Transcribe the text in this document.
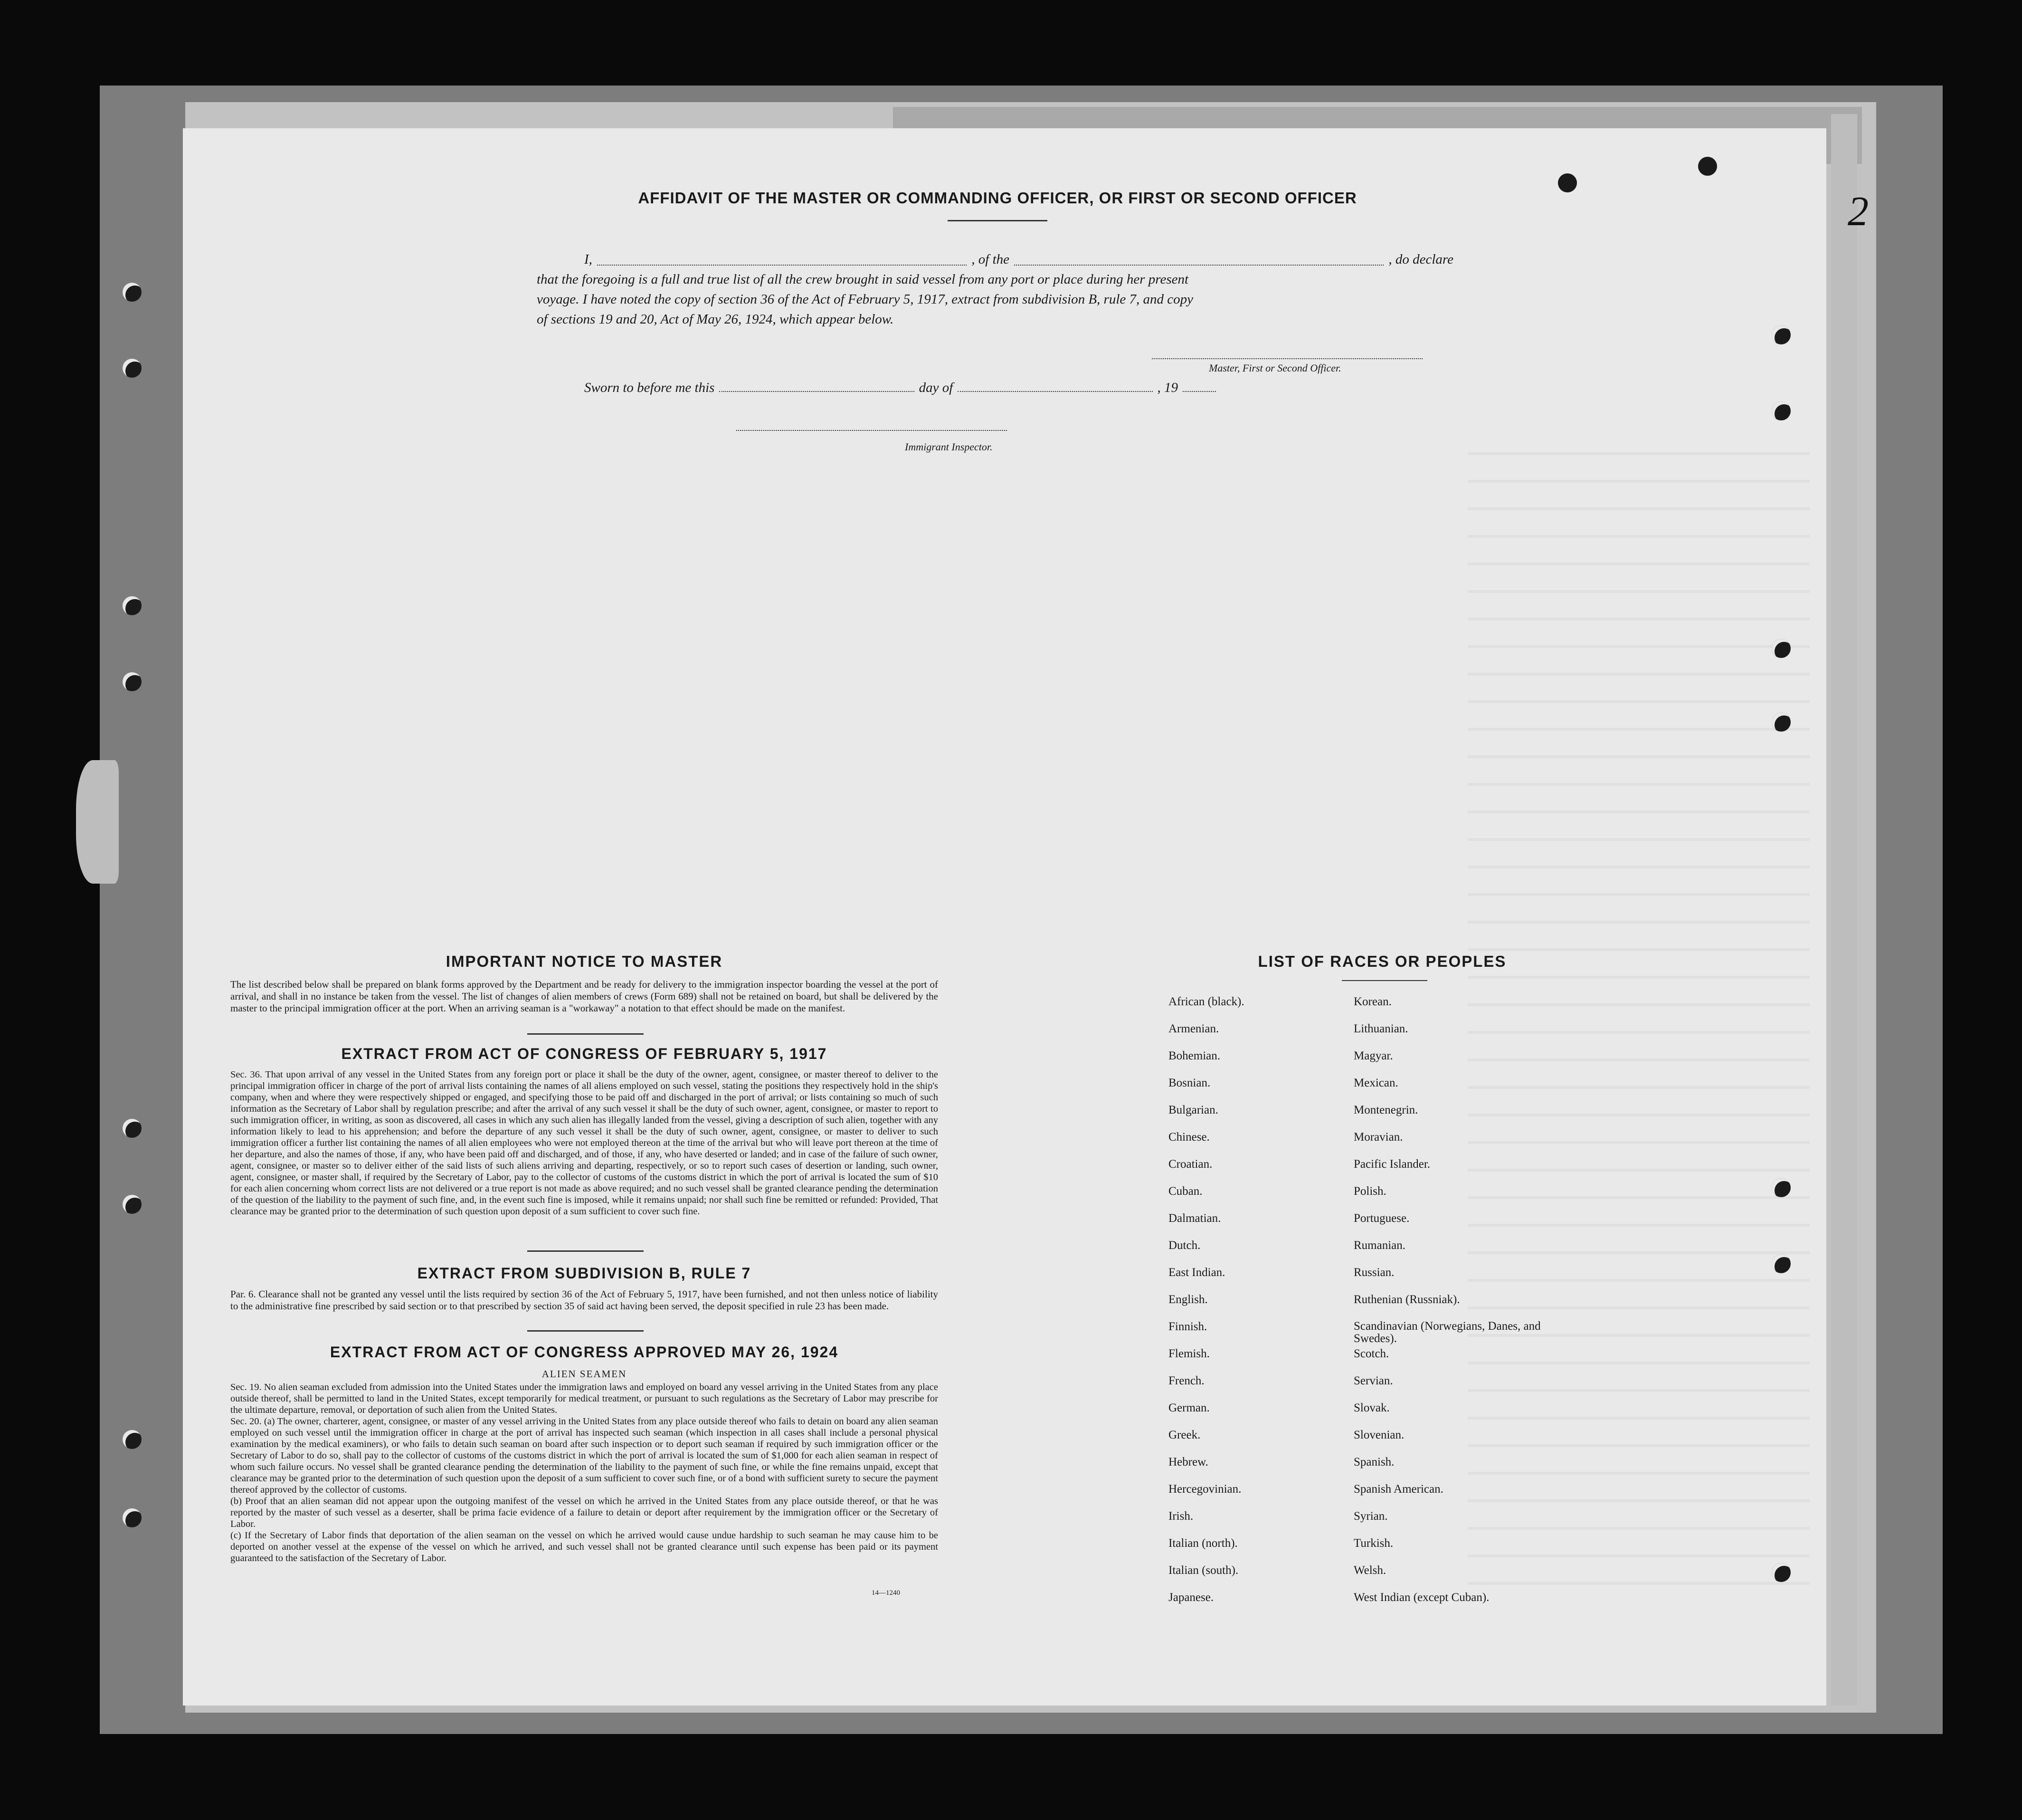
2
AFFIDAVIT OF THE MASTER OR COMMANDING OFFICER, OR FIRST OR SECOND OFFICER
I,	, of the	, do declare
that the foregoing is a full and true list of all the crew brought in said vessel from any port or place during her present
voyage. I have noted the copy of section 36 of the Act of February 5, 1917, extract from subdivision B, rule 7, and copy
of sections 19 and 20, Act of May 26, 1924, which appear below.
Master, First or Second Officer.
Sworn to before me this	day of	, 19
Immigrant Inspector.
IMPORTANT NOTICE TO MASTER
The list described below shall be prepared on blank forms approved by the Department and be ready for delivery to the immigration inspector boarding the vessel at the port of arrival, and shall in no instance be taken from the vessel. The list of changes of alien members of crews (Form 689) shall not be retained on board, but shall be delivered by the master to the principal immigration officer at the port. When an arriving seaman is a "workaway" a notation to that effect should be made on the manifest.
EXTRACT FROM ACT OF CONGRESS OF FEBRUARY 5, 1917
Sec. 36. That upon arrival of any vessel in the United States from any foreign port or place it shall be the duty of the owner, agent, consignee, or master thereof to deliver to the principal immigration officer in charge of the port of arrival lists containing the names of all aliens employed on such vessel, stating the positions they respectively hold in the ship's company, when and where they were respectively shipped or engaged, and specifying those to be paid off and discharged in the port of arrival; or lists containing so much of such information as the Secretary of Labor shall by regulation prescribe; and after the arrival of any such vessel it shall be the duty of such owner, agent, consignee, or master to report to such immigration officer, in writing, as soon as discovered, all cases in which any such alien has illegally landed from the vessel, giving a description of such alien, together with any information likely to lead to his apprehension; and before the departure of any such vessel it shall be the duty of such owner, agent, consignee, or master to deliver to such immigration officer a further list containing the names of all alien employees who were not employed thereon at the time of the arrival but who will leave port thereon at the time of her departure, and also the names of those, if any, who have been paid off and discharged, and of those, if any, who have deserted or landed; and in case of the failure of such owner, agent, consignee, or master so to deliver either of the said lists of such aliens arriving and departing, respectively, or so to report such cases of desertion or landing, such owner, agent, consignee, or master shall, if required by the Secretary of Labor, pay to the collector of customs of the customs district in which the port of arrival is located the sum of $10 for each alien concerning whom correct lists are not delivered or a true report is not made as above required; and no such vessel shall be granted clearance pending the determination of the question of the liability to the payment of such fine, and, in the event such fine is imposed, while it remains unpaid; nor shall such fine be remitted or refunded: Provided, That clearance may be granted prior to the determination of such question upon deposit of a sum sufficient to cover such fine.
EXTRACT FROM SUBDIVISION B, RULE 7
Par. 6. Clearance shall not be granted any vessel until the lists required by section 36 of the Act of February 5, 1917, have been furnished, and not then unless notice of liability to the administrative fine prescribed by said section or to that prescribed by section 35 of said act having been served, the deposit specified in rule 23 has been made.
EXTRACT FROM ACT OF CONGRESS APPROVED MAY 26, 1924
ALIEN SEAMEN
Sec. 19. No alien seaman excluded from admission into the United States under the immigration laws and employed on board any vessel arriving in the United States from any place outside thereof, shall be permitted to land in the United States, except temporarily for medical treatment, or pursuant to such regulations as the Secretary of Labor may prescribe for the ultimate departure, removal, or deportation of such alien from the United States.
Sec. 20. (a) The owner, charterer, agent, consignee, or master of any vessel arriving in the United States from any place outside thereof who fails to detain on board any alien seaman employed on such vessel until the immigration officer in charge at the port of arrival has inspected such seaman (which inspection in all cases shall include a personal physical examination by the medical examiners), or who fails to detain such seaman on board after such inspection or to deport such seaman if required by such immigration officer or the Secretary of Labor to do so, shall pay to the collector of customs of the customs district in which the port of arrival is located the sum of $1,000 for each alien seaman in respect of whom such failure occurs. No vessel shall be granted clearance pending the determination of the liability to the payment of such fine, or while the fine remains unpaid, except that clearance may be granted prior to the determination of such question upon the deposit of a sum sufficient to cover such fine, or of a bond with sufficient surety to secure the payment thereof approved by the collector of customs.
(b) Proof that an alien seaman did not appear upon the outgoing manifest of the vessel on which he arrived in the United States from any place outside thereof, or that he was reported by the master of such vessel as a deserter, shall be prima facie evidence of a failure to detain or deport after requirement by the immigration officer or the Secretary of Labor.
(c) If the Secretary of Labor finds that deportation of the alien seaman on the vessel on which he arrived would cause undue hardship to such seaman he may cause him to be deported on another vessel at the expense of the vessel on which he arrived, and such vessel shall not be granted clearance until such expense has been paid or its payment guaranteed to the satisfaction of the Secretary of Labor.
14—1240
LIST OF RACES OR PEOPLES
African (black).	Korean.
Armenian.	Lithuanian.
Bohemian.	Magyar.
Bosnian.	Mexican.
Bulgarian.	Montenegrin.
Chinese.	Moravian.
Croatian.	Pacific Islander.
Cuban.	Polish.
Dalmatian.	Portuguese.
Dutch.	Rumanian.
East Indian.	Russian.
English.	Ruthenian (Russniak).
Finnish.	Scandinavian (Norwegians, Danes, and Swedes).
Flemish.	Scotch.
French.	Servian.
German.	Slovak.
Greek.	Slovenian.
Hebrew.	Spanish.
Hercegovinian.	Spanish American.
Irish.	Syrian.
Italian (north).	Turkish.
Italian (south).	Welsh.
Japanese.	West Indian (except Cuban).
